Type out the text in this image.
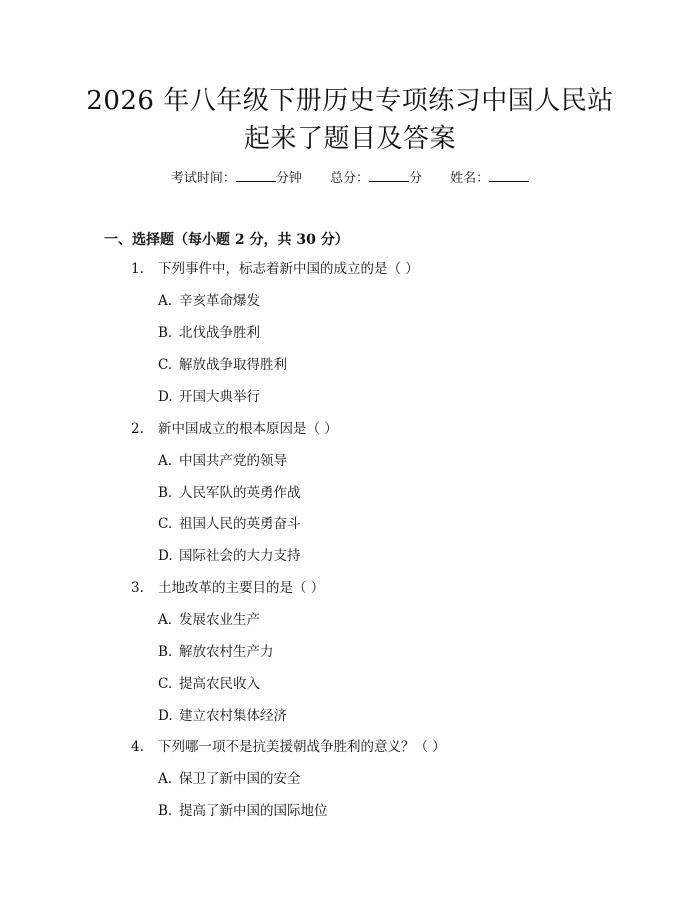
2026 年八年级下册历史专项练习中国人民站
起来了题目及答案
考试时间：	分钟 总分：	分 姓名：
一、选择题（每小题 2 分，共 30 分）
1. 下列事件中，标志着新中国的成立的是（ ）
A. 辛亥革命爆发
B. 北伐战争胜利
C. 解放战争取得胜利
D. 开国大典举行
2. 新中国成立的根本原因是（ ）
A. 中国共产党的领导
B. 人民军队的英勇作战
C. 祖国人民的英勇奋斗
D. 国际社会的大力支持
3. 土地改革的主要目的是（ ）
A. 发展农业生产
B. 解放农村生产力
C. 提高农民收入
D. 建立农村集体经济
4. 下列哪一项不是抗美援朝战争胜利的意义？（ ）
A. 保卫了新中国的安全
B. 提高了新中国的国际地位
